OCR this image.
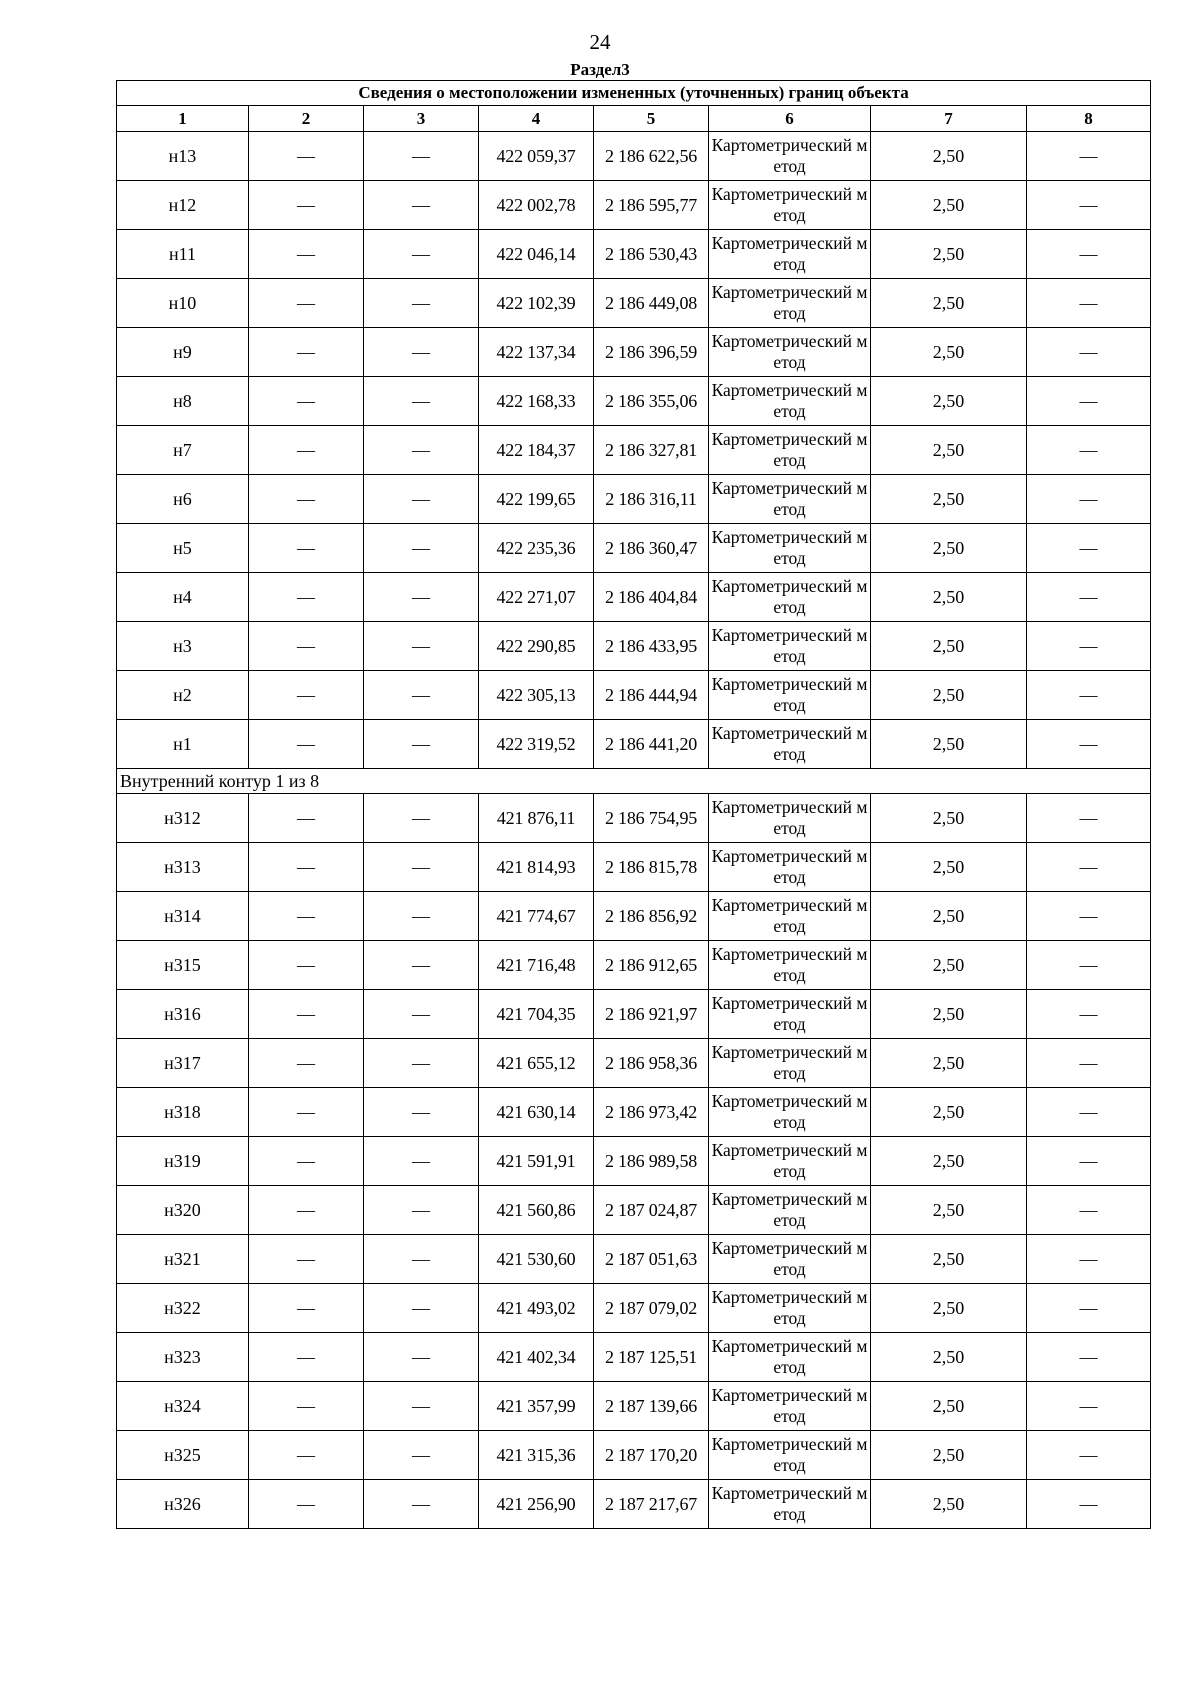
24
Раздел3
Сведения о местоположении измененных (уточненных) границ объекта							
1	2	3	4	5	6	7	8
н13	—	—	422 059,37	2 186 622,56	Картометрический метод	2,50	—
н12	—	—	422 002,78	2 186 595,77	Картометрический метод	2,50	—
н11	—	—	422 046,14	2 186 530,43	Картометрический метод	2,50	—
н10	—	—	422 102,39	2 186 449,08	Картометрический метод	2,50	—
н9	—	—	422 137,34	2 186 396,59	Картометрический метод	2,50	—
н8	—	—	422 168,33	2 186 355,06	Картометрический метод	2,50	—
н7	—	—	422 184,37	2 186 327,81	Картометрический метод	2,50	—
н6	—	—	422 199,65	2 186 316,11	Картометрический метод	2,50	—
н5	—	—	422 235,36	2 186 360,47	Картометрический метод	2,50	—
н4	—	—	422 271,07	2 186 404,84	Картометрический метод	2,50	—
н3	—	—	422 290,85	2 186 433,95	Картометрический метод	2,50	—
н2	—	—	422 305,13	2 186 444,94	Картометрический метод	2,50	—
н1	—	—	422 319,52	2 186 441,20	Картометрический метод	2,50	—
Внутренний контур 1 из 8							
н312	—	—	421 876,11	2 186 754,95	Картометрический метод	2,50	—
н313	—	—	421 814,93	2 186 815,78	Картометрический метод	2,50	—
н314	—	—	421 774,67	2 186 856,92	Картометрический метод	2,50	—
н315	—	—	421 716,48	2 186 912,65	Картометрический метод	2,50	—
н316	—	—	421 704,35	2 186 921,97	Картометрический метод	2,50	—
н317	—	—	421 655,12	2 186 958,36	Картометрический метод	2,50	—
н318	—	—	421 630,14	2 186 973,42	Картометрический метод	2,50	—
н319	—	—	421 591,91	2 186 989,58	Картометрический метод	2,50	—
н320	—	—	421 560,86	2 187 024,87	Картометрический метод	2,50	—
н321	—	—	421 530,60	2 187 051,63	Картометрический метод	2,50	—
н322	—	—	421 493,02	2 187 079,02	Картометрический метод	2,50	—
н323	—	—	421 402,34	2 187 125,51	Картометрический метод	2,50	—
н324	—	—	421 357,99	2 187 139,66	Картометрический метод	2,50	—
н325	—	—	421 315,36	2 187 170,20	Картометрический метод	2,50	—
н326	—	—	421 256,90	2 187 217,67	Картометрический метод	2,50	—
